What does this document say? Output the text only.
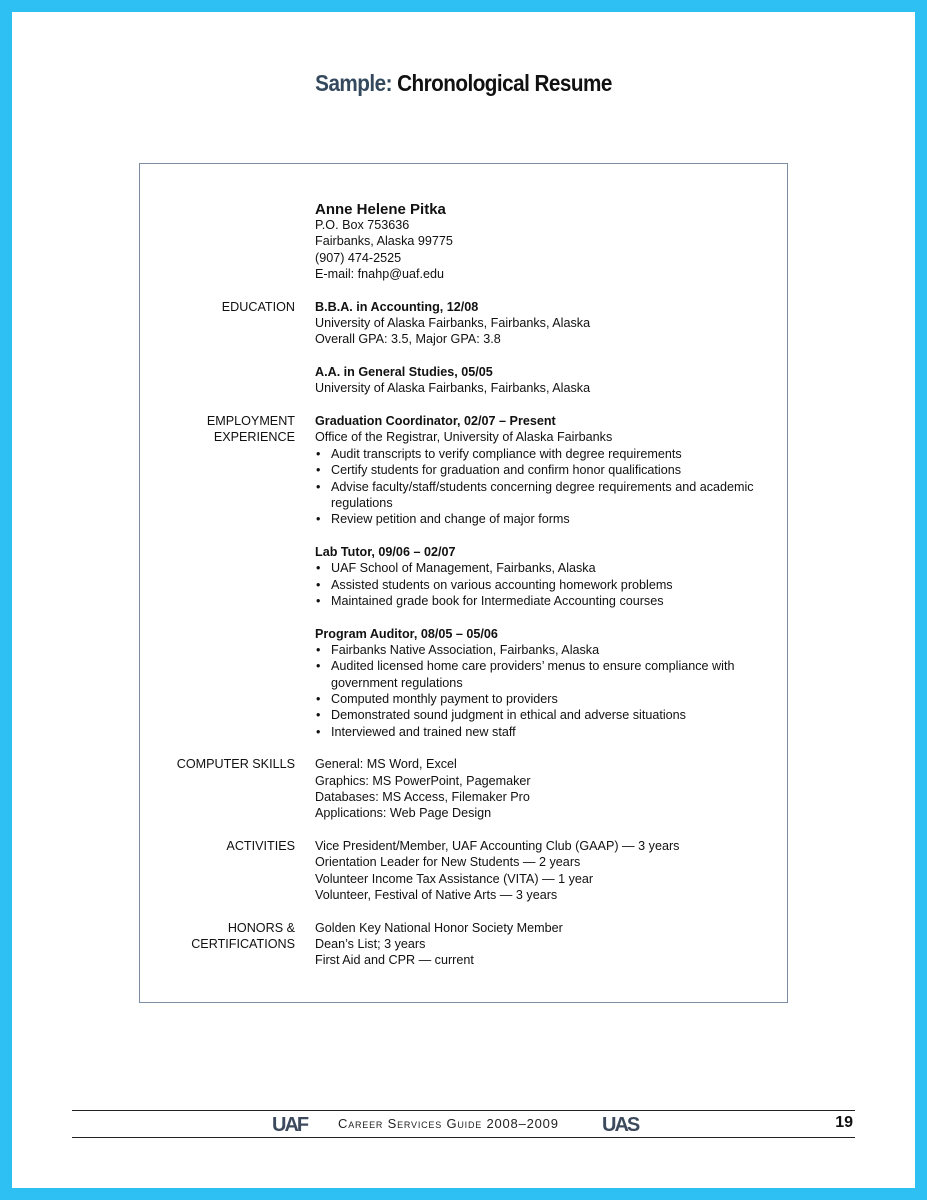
Sample: Chronological Resume
Anne Helene Pitka
P.O. Box 753636
Fairbanks, Alaska 99775
(907) 474-2525
E-mail: fnahp@uaf.edu
EDUCATION B.B.A. in Accounting, 12/08
University of Alaska Fairbanks, Fairbanks, Alaska
Overall GPA: 3.5, Major GPA: 3.8
A.A. in General Studies, 05/05
University of Alaska Fairbanks, Fairbanks, Alaska
EMPLOYMENT
EXPERIENCE
Graduation Coordinator, 02/07 – Present
Office of the Registrar, University of Alaska Fairbanks
• Audit transcripts to verify compliance with degree requirements
• Certify students for graduation and confirm honor qualifications
• Advise faculty/staff/students concerning degree requirements and academic regulations
• Review petition and change of major forms
Lab Tutor, 09/06 – 02/07
• UAF School of Management, Fairbanks, Alaska
• Assisted students on various accounting homework problems
• Maintained grade book for Intermediate Accounting courses
Program Auditor, 08/05 – 05/06
• Fairbanks Native Association, Fairbanks, Alaska
• Audited licensed home care providers’ menus to ensure compliance with government regulations
• Computed monthly payment to providers
• Demonstrated sound judgment in ethical and adverse situations
• Interviewed and trained new staff
COMPUTER SKILLS General: MS Word, Excel
Graphics: MS PowerPoint, Pagemaker
Databases: MS Access, Filemaker Pro
Applications: Web Page Design
ACTIVITIES Vice President/Member, UAF Accounting Club (GAAP) — 3 years
Orientation Leader for New Students — 2 years
Volunteer Income Tax Assistance (VITA) — 1 year
Volunteer, Festival of Native Arts — 3 years
HONORS &
CERTIFICATIONS
Golden Key National Honor Society Member
Dean’s List; 3 years
First Aid and CPR — current
UAF Career Services Guide 2008–2009 UAS	19
